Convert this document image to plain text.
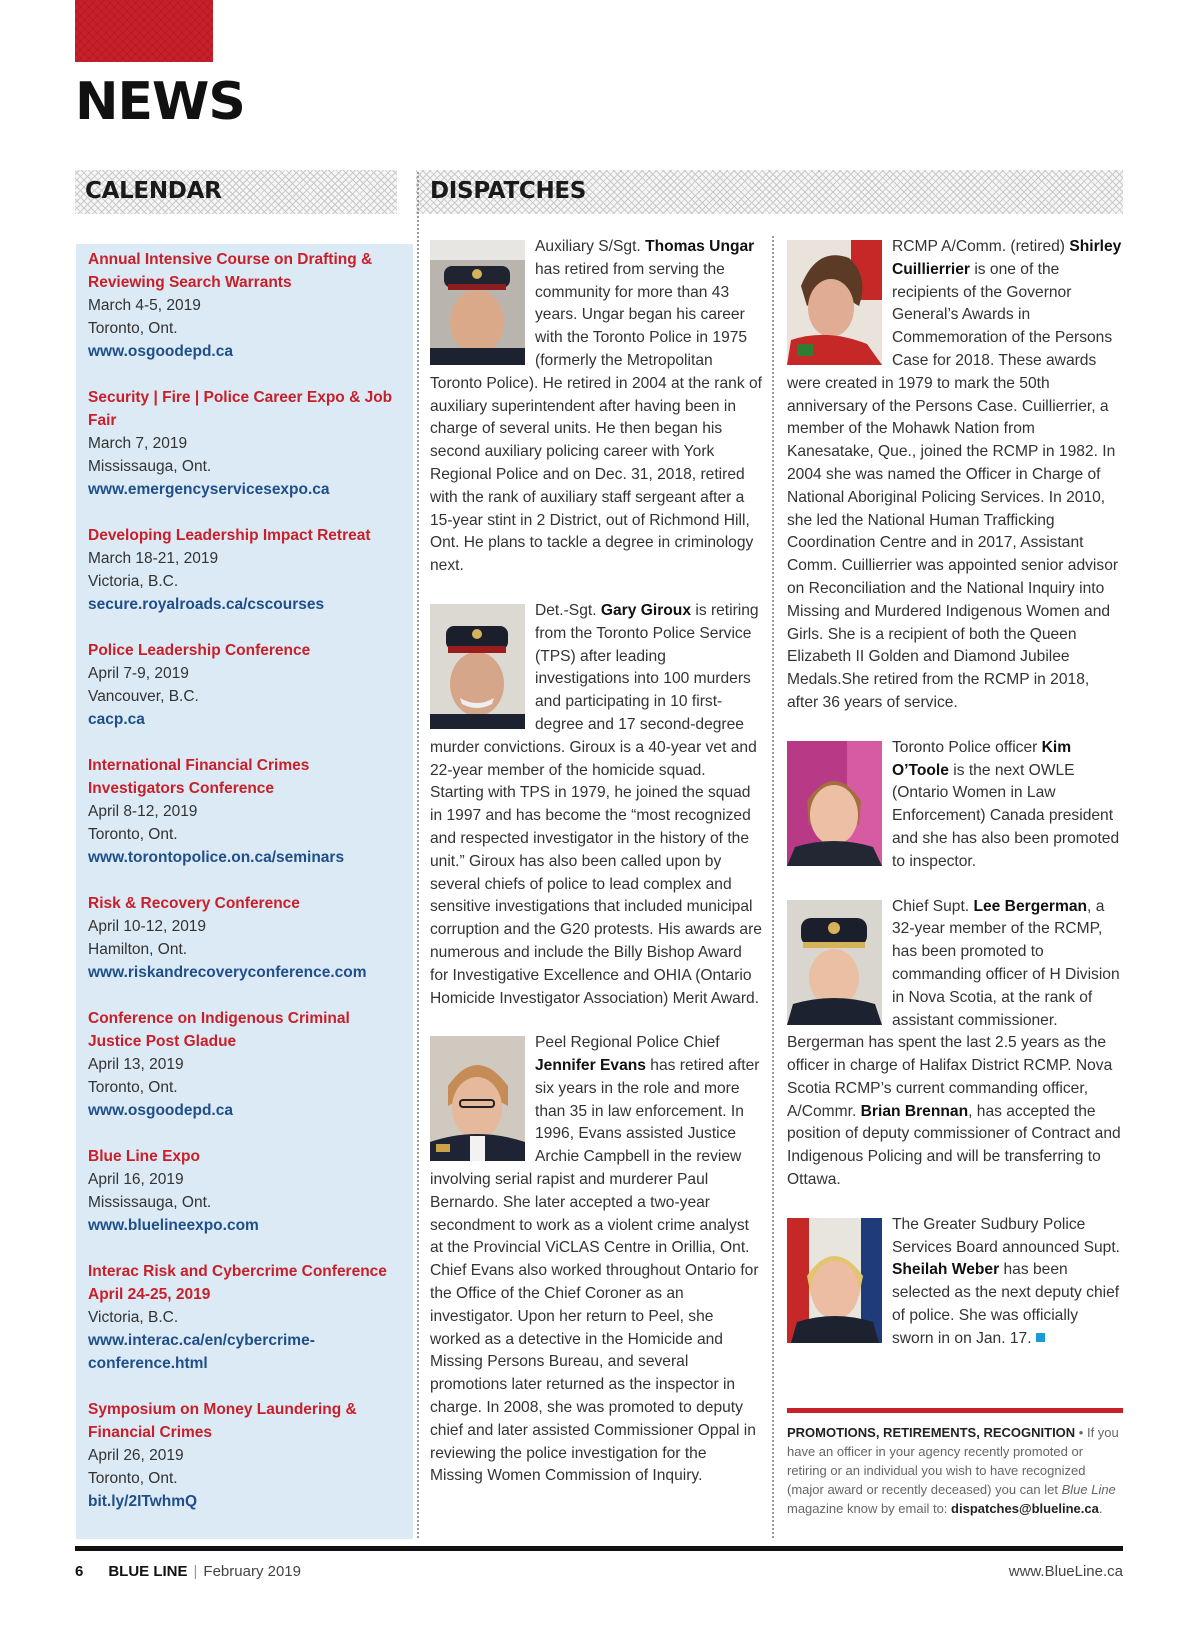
NEWS
CALENDAR	DISPATCHES
Annual Intensive Course on Drafting & Reviewing Search Warrants
March 4-5, 2019
Toronto, Ont.
www.osgoodepd.ca
Security | Fire | Police Career Expo & Job Fair
March 7, 2019
Mississauga, Ont.
www.emergencyservicesexpo.ca
Developing Leadership Impact Retreat
March 18-21, 2019
Victoria, B.C.
secure.royalroads.ca/cscourses
Police Leadership Conference
April 7-9, 2019
Vancouver, B.C.
cacp.ca
International Financial Crimes Investigators Conference
April 8-12, 2019
Toronto, Ont.
www.torontopolice.on.ca/seminars
Risk & Recovery Conference
April 10-12, 2019
Hamilton, Ont.
www.riskandrecoveryconference.com
Conference on Indigenous Criminal Justice Post Gladue
April 13, 2019
Toronto, Ont.
www.osgoodepd.ca
Blue Line Expo
April 16, 2019
Mississauga, Ont.
www.bluelineexpo.com
Interac Risk and Cybercrime Conference April 24-25, 2019
Victoria, B.C.
www.interac.ca/en/cybercrime-conference.html
Symposium on Money Laundering & Financial Crimes
April 26, 2019
Toronto, Ont.
bit.ly/2ITwhmQ

Auxiliary S/Sgt. Thomas Ungar has retired from serving the community for more than 43 years. Ungar began his career with the Toronto Police in 1975 (formerly the Metropolitan Toronto Police). He retired in 2004 at the rank of auxiliary superintendent after having been in charge of several units. He then began his second auxiliary policing career with York Regional Police and on Dec. 31, 2018, retired with the rank of auxiliary staff sergeant after a 15-year stint in 2 District, out of Richmond Hill, Ont. He plans to tackle a degree in criminology next.

Det.-Sgt. Gary Giroux is retiring from the Toronto Police Service (TPS) after leading investigations into 100 murders and participating in 10 first-degree and 17 second-degree murder convictions. Giroux is a 40-year vet and 22-year member of the homicide squad. Starting with TPS in 1979, he joined the squad in 1997 and has become the “most recognized and respected investigator in the history of the unit.” Giroux has also been called upon by several chiefs of police to lead complex and sensitive investigations that included municipal corruption and the G20 protests. His awards are numerous and include the Billy Bishop Award for Investigative Excellence and OHIA (Ontario Homicide Investigator Association) Merit Award.

Peel Regional Police Chief Jennifer Evans has retired after six years in the role and more than 35 in law enforcement. In 1996, Evans assisted Justice Archie Campbell in the review involving serial rapist and murderer Paul Bernardo. She later accepted a two-year secondment to work as a violent crime analyst at the Provincial ViCLAS Centre in Orillia, Ont. Chief Evans also worked throughout Ontario for the Office of the Chief Coroner as an investigator. Upon her return to Peel, she worked as a detective in the Homicide and Missing Persons Bureau, and several promotions later returned as the inspector in charge. In 2008, she was promoted to deputy chief and later assisted Commissioner Oppal in reviewing the police investigation for the Missing Women Commission of Inquiry.

RCMP A/Comm. (retired) Shirley Cuillierrier is one of the recipients of the Governor General’s Awards in Commemoration of the Persons Case for 2018. These awards were created in 1979 to mark the 50th anniversary of the Persons Case. Cuillierrier, a member of the Mohawk Nation from Kanesatake, Que., joined the RCMP in 1982. In 2004 she was named the Officer in Charge of National Aboriginal Policing Services. In 2010, she led the National Human Trafficking Coordination Centre and in 2017, Assistant Comm. Cuillierrier was appointed senior advisor on Reconciliation and the National Inquiry into Missing and Murdered Indigenous Women and Girls. She is a recipient of both the Queen Elizabeth II Golden and Diamond Jubilee Medals.She retired from the RCMP in 2018, after 36 years of service.

Toronto Police officer Kim O’Toole is the next OWLE (Ontario Women in Law Enforcement) Canada president and she has also been promoted to inspector.

Chief Supt. Lee Bergerman, a 32-year member of the RCMP, has been promoted to commanding officer of H Division in Nova Scotia, at the rank of assistant commissioner. Bergerman has spent the last 2.5 years as the officer in charge of Halifax District RCMP. Nova Scotia RCMP’s current commanding officer, A/Commr. Brian Brennan, has accepted the position of deputy commissioner of Contract and Indigenous Policing and will be transferring to Ottawa.

The Greater Sudbury Police Services Board announced Supt. Sheilah Weber has been selected as the next deputy chief of police. She was officially sworn in on Jan. 17.

PROMOTIONS, RETIREMENTS, RECOGNITION • If you have an officer in your agency recently promoted or retiring or an individual you wish to have recognized (major award or recently deceased) you can let Blue Line magazine know by email to: dispatches@blueline.ca.
6 BLUE LINE | February 2019	www.BlueLine.ca
